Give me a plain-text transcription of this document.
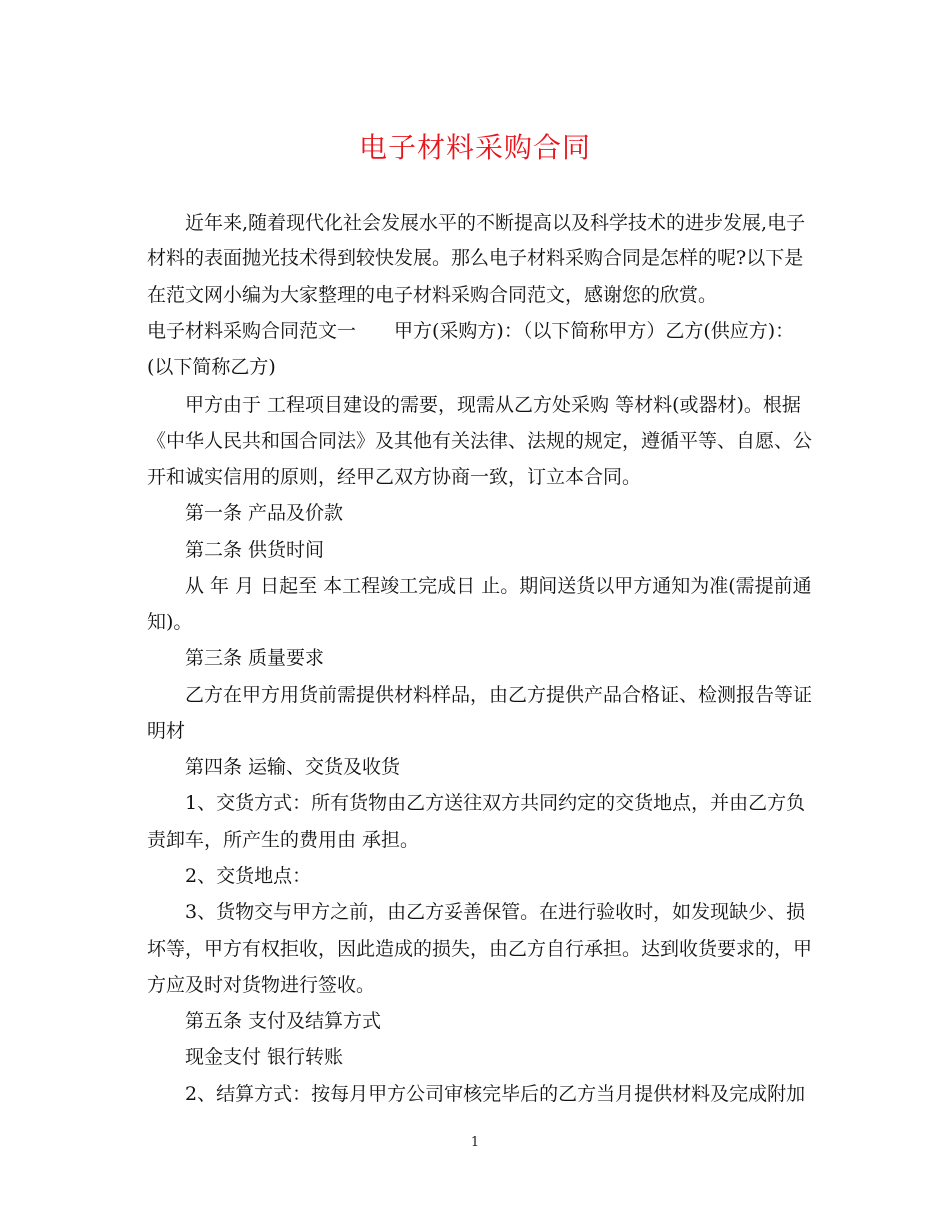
电子材料采购合同
近年来,随着现代化社会发展水平的不断提高以及科学技术的进步发展,电子
材料的表面抛光技术得到较快发展。那么电子材料采购合同是怎样的呢?以下是
在范文网小编为大家整理的电子材料采购合同范文，感谢您的欣赏。
电子材料采购合同范文一 甲方(采购方)：（以下简称甲方）乙方(供应方)：
(以下简称乙方)
甲方由于 工程项目建设的需要，现需从乙方处采购 等材料(或器材)。根据
《中华人民共和国合同法》及其他有关法律、法规的规定，遵循平等、自愿、公
开和诚实信用的原则，经甲乙双方协商一致，订立本合同。
第一条 产品及价款
第二条 供货时间
从 年 月 日起至 本工程竣工完成日 止。期间送货以甲方通知为准(需提前通
知)。
第三条 质量要求
乙方在甲方用货前需提供材料样品，由乙方提供产品合格证、检测报告等证
明材
第四条 运输、交货及收货
1、交货方式：所有货物由乙方送往双方共同约定的交货地点，并由乙方负
责卸车，所产生的费用由 承担。
2、交货地点：
3、货物交与甲方之前，由乙方妥善保管。在进行验收时，如发现缺少、损
坏等，甲方有权拒收，因此造成的损失，由乙方自行承担。达到收货要求的，甲
方应及时对货物进行签收。
第五条 支付及结算方式
现金支付 银行转账
2、结算方式：按每月甲方公司审核完毕后的乙方当月提供材料及完成附加
1
